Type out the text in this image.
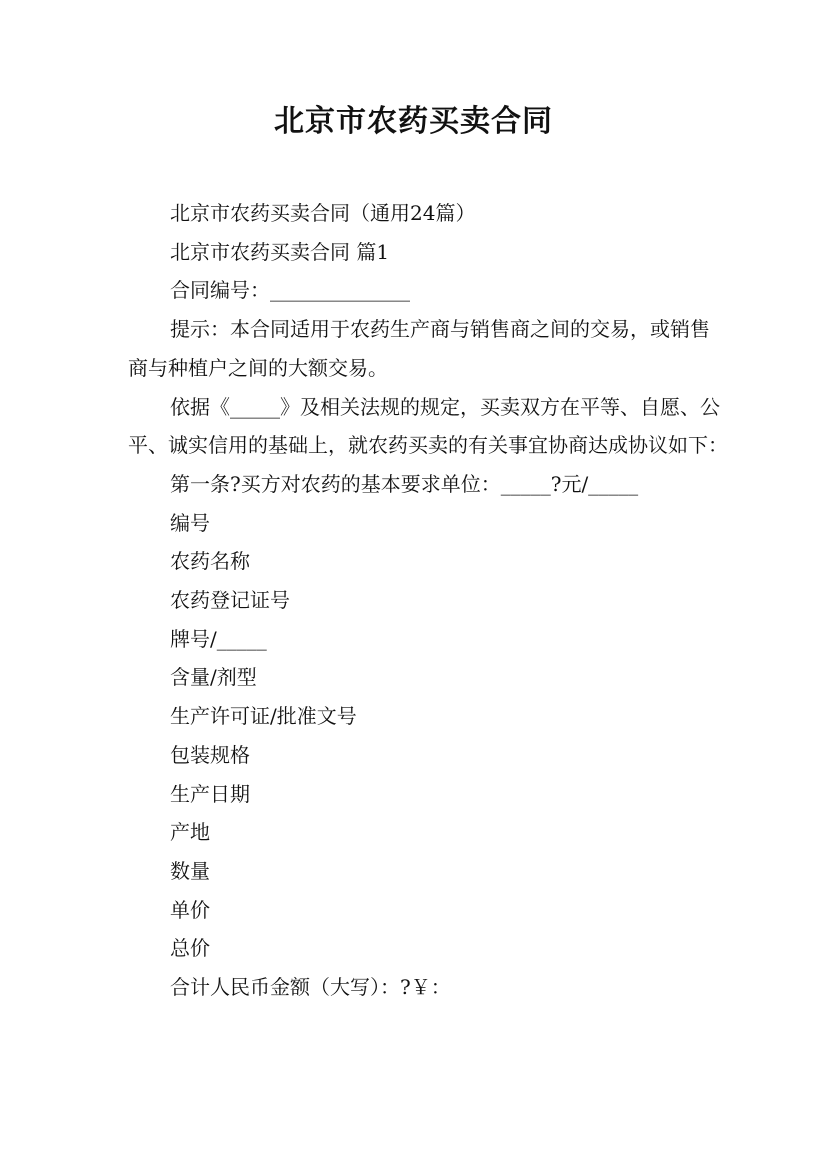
北京市农药买卖合同

北京市农药买卖合同（通用24篇）

北京市农药买卖合同 篇1

合同编号：______________

提示：本合同适用于农药生产商与销售商之间的交易，或销售商与种植户之间的大额交易。

依据《_____》及相关法规的规定，买卖双方在平等、自愿、公平、诚实信用的基础上，就农药买卖的有关事宜协商达成协议如下：

第一条?买方对农药的基本要求单位：_____?元/_____

编号

农药名称

农药登记证号

牌号/_____

含量/剂型

生产许可证/批准文号

包装规格

生产日期

产地

数量

单价

总价

合计人民币金额（大写）：?￥：
